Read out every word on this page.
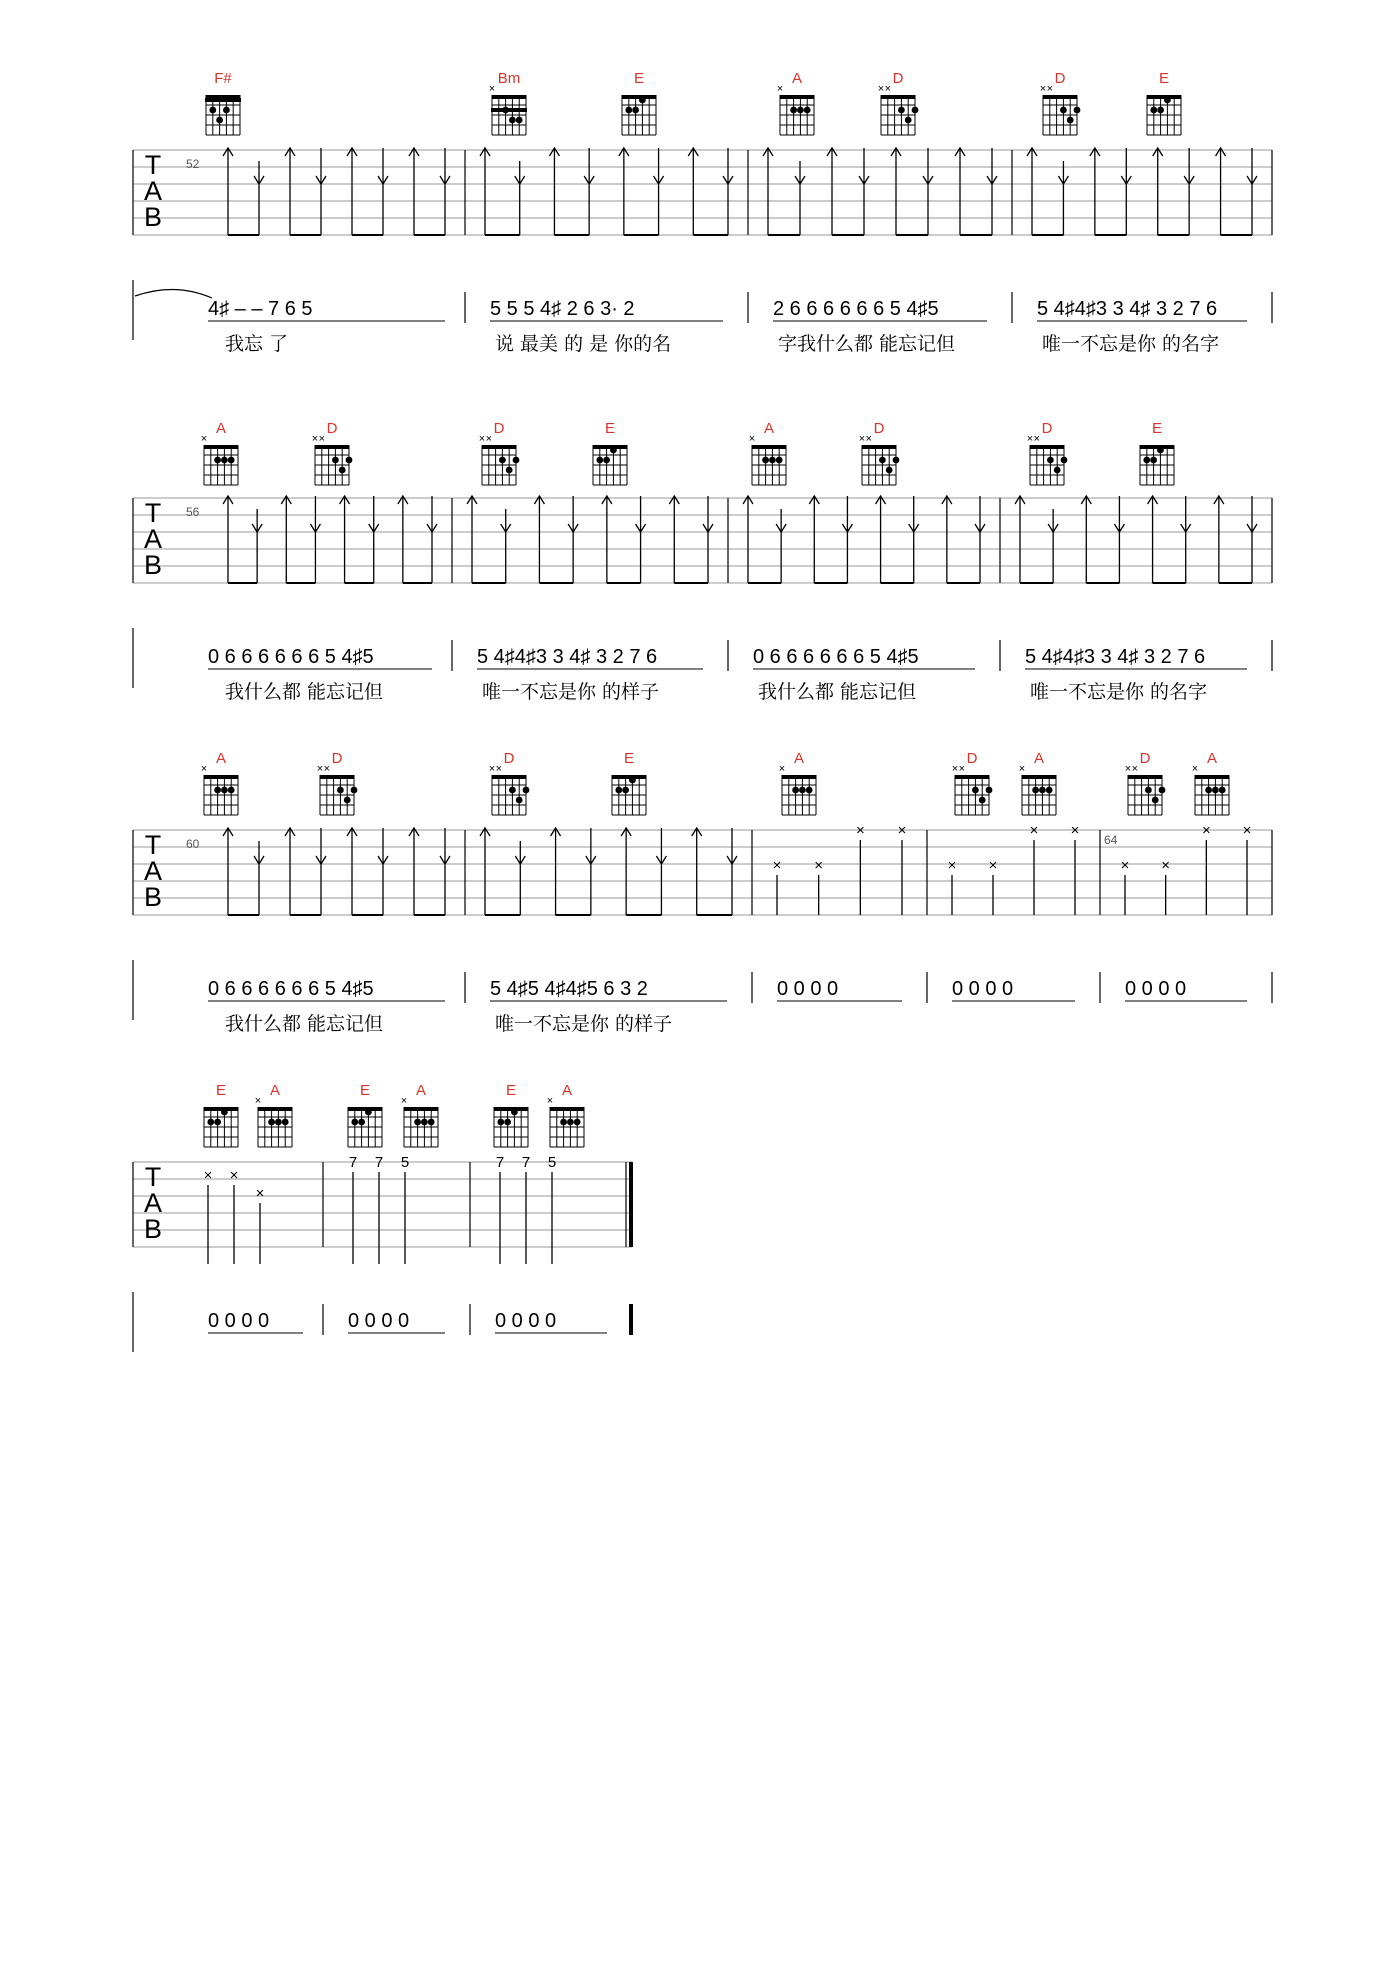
T
A
B
52
F#	Bm
×
E	A
×
D
× ×
D
× ×
E
4♯ – – 7 6 5	5 5 5 4♯ 2 6 3· 2	2 6 6 6 6 6 6 5 4♯5	5 4♯4♯3 3 4♯ 3 2 7 6
我忘 了	说 最美 的 是 你的名	字我什么都 能忘记但	唯一不忘是你 的名字
T
A
B
56
A
×
D
× ×
D
× ×
E	A
×
D
× ×
D
× ×
E
0 6 6 6 6 6 6 5 4♯5	5 4♯4♯3 3 4♯ 3 2 7 6	0 6 6 6 6 6 6 5 4♯5	5 4♯4♯3 3 4♯ 3 2 7 6
我什么都 能忘记但	唯一不忘是你 的样子	我什么都 能忘记但	唯一不忘是你 的名字
T
A
B
60	64
A
×
D
× ×
D
× ×
E	A
×
D
× ×
A
×
D
× ×
A
×
× ×
× ×
× ×
× ×
× ×
× ×
0 6 6 6 6 6 6 5 4♯5	5 4♯5 4♯4♯5 6 3 2	0 0 0 0	0 0 0 0	0 0 0 0
我什么都 能忘记但	唯一不忘是你 的样子
T
A
B
E	A
×
E	A
×
E	A
×
× ×
×
7 7 5	7 7 5
0 0 0 0	0 0 0 0	0 0 0 0
